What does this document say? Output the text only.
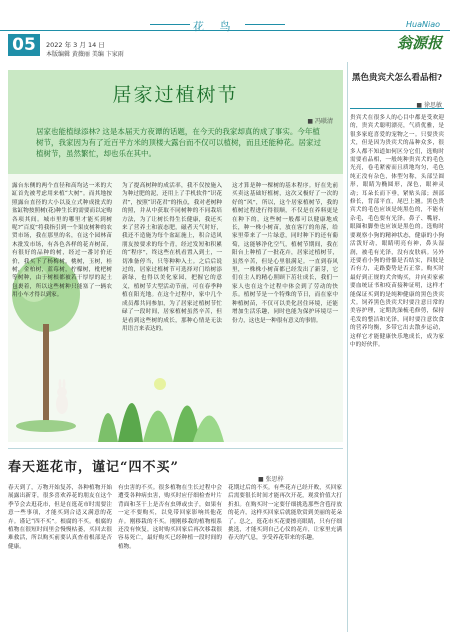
05	2022 年 3 月 14 日
本版编辑 黄薇丽 美编 卞家雨
花 鸟	HuaNiao
翁源报
居家过植树节
■ 冯联清
居家也能植绿添林? 这是本届天方夜谭的话题，在今天的我家却真的成了事实。今年植树节，我家因为有了近百平方米的顶楼大露台而不仅可以植树，而且还能种花。居家过植树节，虽然繁忙，却也乐在其中。
露台东侧的两个直径和高均达一米的大缸首先被考虑用来植“大树”。而其地按照露台直径的大小以及立式种成批式的盆缸物按照树(花)种生长的需要而以定购各项其间。城市里的哪里才能买到树呢?“百度”将我指引到一个果皮树种的农贸市场，我在那里的名，在这个园林苗木批发市场，有各色各样的花卉树苗，有很好的品种的树，经过一番讨价还价，我买下了杨梅树，桃树，玉树，桂树，金柏树，蓝莓树，柠檬树，枇杷树等树种，由于树根都被若干厚厚的泥土包裹着，所以这些树种只能塞了一辆农用小车才得以到家。
为了提高树种的成活率，我不仅按施入为种过肥的泥，还用上了手机软件“识花君”，按照“识花君”的指点，我对老树种的照，并从中获取不同树种的不同栽培方法，为了让树长得生长健康，我还买来了营养土和液态肥，磁者天气时好，我还不造施为每个盆缸施上，积合适风朋友按要求的每个青，经过发短和积累的“程序”，终这些在机看置入到土，一切准备停当，只等种种入土。之后后说过的，居家过植树节可选择对门给树添新绿，也得以美化家园，把握它的意义，植树节大型活动节前，可在春季种植在阳光地。在这个过程中，家中几个成员都共同参加，为了居家过植树节忙碌了一段时间，居家植树虽然辛苦，但是看到这些树的成长，那种心情是无法用语言来表达的。
这才算是种一棵树的基本程序。好在先前买卖这基础好植树，这次又极好了一次的好的“风”，所以，这个居家植树节，我的植树过程进行得很顺，不仅是在养料更是在种下的，这些树一般都可以健康地成长，种一株小树苗，放在客厅的角落，给家里带来了一片绿意，同时种下的还有葡萄，这能够净化空气，植树节期间，我在阳台上种植了一批花卉，居家过植树节，虽然辛苦，但是心里很满足。一直到春风里，一株株小树苗都已经发出了新芽，它们在主人的精心照顾下茁壮成长，我们一家人也在这个过程中体会到了劳动的快乐。植树节是一个特殊的节日，而在家中种植树苗，不仅可以美化居住环境，还能增加生活乐趣，同时也能为保护环境尽一份力，这也是一种很有意义的事情。
黑色贵宾犬怎么看品相?
■ 徐思敏
贵宾犬在很多人的心目中都是受欢迎的，贵宾犬聪明漂亮，气质优雅，是很多家庭喜爱的宠物之一。只要贵宾犬，但是因为贵宾犬的品种众多，很多人都不知道如何区分它们，选购时需要看品相，一般纯种贵宾犬的毛色光亮，卷毛紧密而且质地均匀，毛色纯正没有杂色，体型匀称，头部呈圆形，眼睛为椭圆形，深色，眼神灵动；耳朵长而下垂，紧贴头部；颈部修长，背部平直，尾巴上翘。黑色贵宾犬的毛色应该是纯黑色的，不能有杂毛，毛色要有光泽。鼻子、嘴唇、眼圈和脚垫也应该是黑色的。选购时要观察小狗的精神状态，健康的小狗活泼好动，眼睛明亮有神，鼻头湿润，被毛有光泽，没有皮肤病。另外还要看小狗的骨骼是否结实，四肢是否有力，走路姿势是否正常。购买时最好到正规的犬舍购买，并向卖家索要血统证书和疫苗接种证明，这样才能保证买到的是纯种健康的黑色贵宾犬。饲养黑色贵宾犬时要注意日常的美容护理，定期洗澡梳毛修剪，保持毛发的整洁和光泽，同时要注意饮食的营养均衡，多带它出去散步运动，这样它才能健康快乐地成长，成为家中的好伙伴。
春天逛花市，谨记“四不买”
■ 张思梓
春天到了，万物开始复苏，各种植物开始展露出新芽，很多喜欢养花的朋友在这个季节会去逛花市，但是在逛花市时需要注意一些事项，才能买到合适又满意的花卉。谨记“四不买”。根腐的不买。根腐的植物在很短时间里会慢慢枯萎，买回去很难救活，所以购买前要认真查看根部是否健康。
有虫害的不买。很多植物在生长过程中会遭受各种病虫害，购买时应仔细检查叶片背面和茎干上是否有虫卵或虫子，如果有一定不要购买，以免带回家影响其他花卉。刚移栽的不买。刚刚移栽的植物根系还没有恢复，这时购买回家后再次移栽很容易死亡，最好购买已经种植一段时间的植物。
花期过后的不买。有些花卉已经开败，买回家后需要很长时间才能再次开花，观赏价值大打折扣。在购买时一定要仔细挑选那些含苞待放的花卉，这样买回家后就能欣赏到美丽的花朵了。总之，逛花市买花要擦亮眼睛，只有仔细挑选，才能买到自己心仪的花卉，让家里充满春天的气息，享受养花带来的乐趣。
